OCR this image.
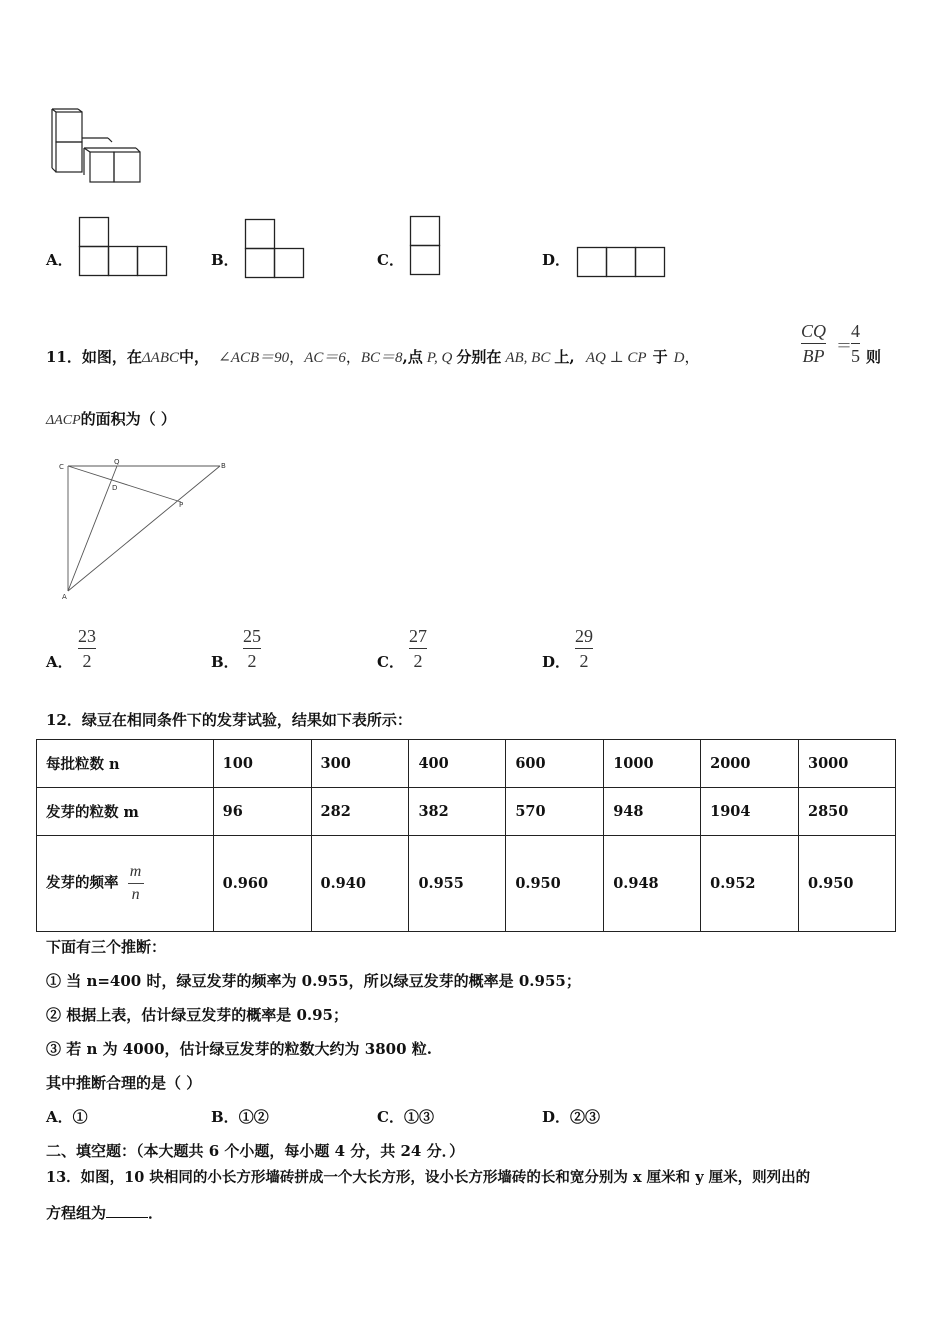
A．	B．	C．	D．
11．如图，在ΔABC中， ∠ACB＝90，AC＝6，BC＝8,点 P, Q 分别在 AB, BC 上, AQ ⊥ CP 于 D，
CQ
BP ＝
4
5 则
ΔACP的面积为（ ）
C
Q	B
D
P
A
A．
23
2	B．
25
2	C．
27
2	D．
29
2
12．绿豆在相同条件下的发芽试验，结果如下表所示：
每批粒数 n	100	300	400	600	1000	2000	3000
发芽的粒数 m	96	282	382	570	948	1904	2850
发芽的频率 $\frac{m}{n}$	0.960	0.940	0.955	0.950	0.948	0.952	0.950
下面有三个推断：
① 当 n=400 时，绿豆发芽的频率为 0.955，所以绿豆发芽的概率是 0.955；
② 根据上表，估计绿豆发芽的概率是 0.95；
③ 若 n 为 4000，估计绿豆发芽的粒数大约为 3800 粒.
其中推断合理的是（ ）
A．①	B．①②	C．①③	D．②③
二、填空题：（本大题共 6 个小题，每小题 4 分，共 24 分．）
13．如图，10 块相同的小长方形墙砖拼成一个大长方形，设小长方形墙砖的长和宽分别为 x 厘米和 y 厘米，则列出的
方程组为	．
